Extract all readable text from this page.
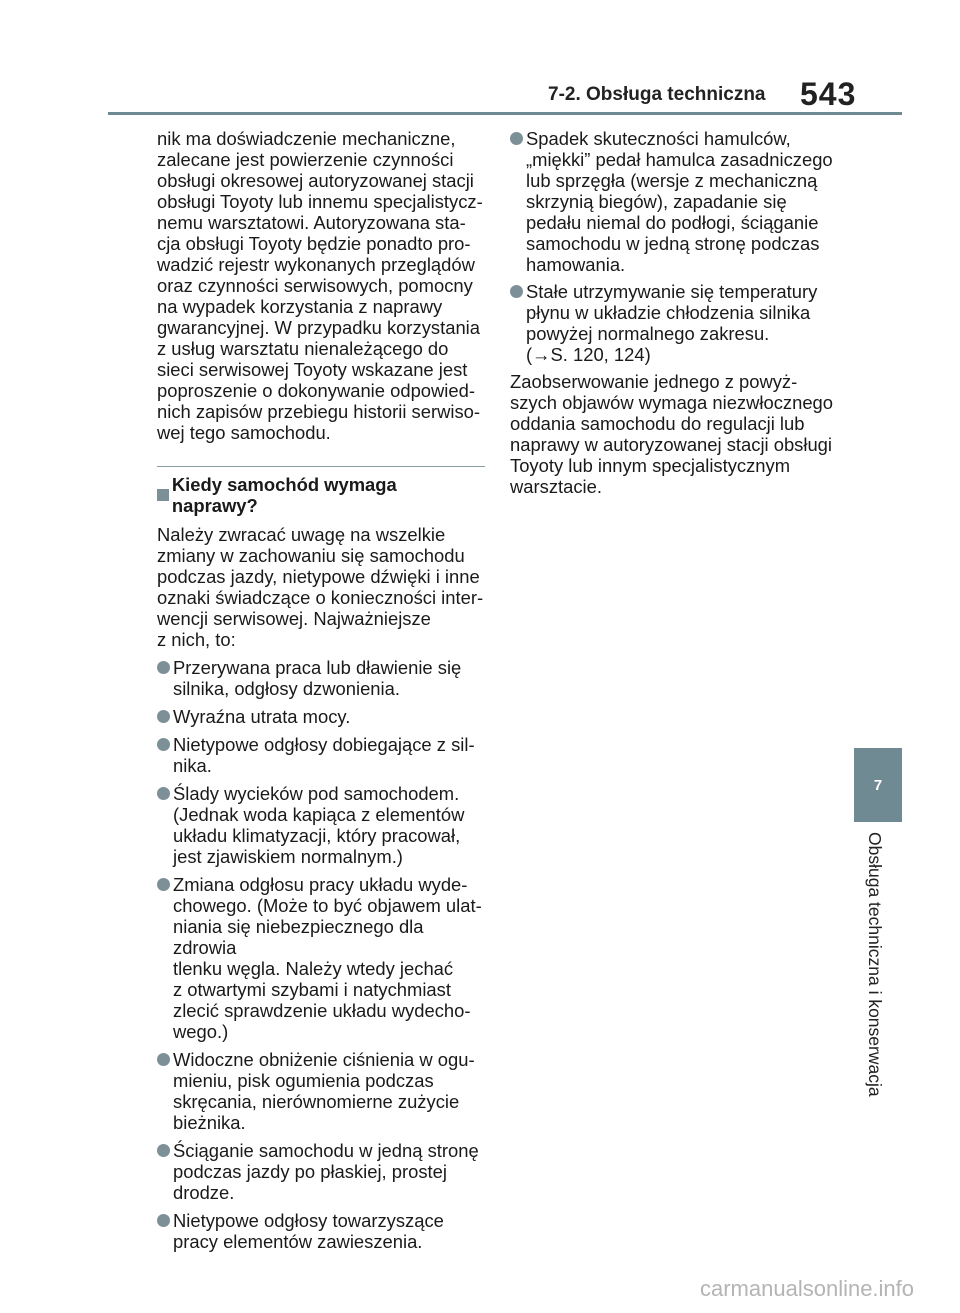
7-2. Obsługa techniczna 543

nik ma doświadczenie mechaniczne,
zalecane jest powierzenie czynności
obsługi okresowej autoryzowanej stacji
obsługi Toyoty lub innemu specjalistycz-
nemu warsztatowi. Autoryzowana sta-
cja obsługi Toyoty będzie ponadto pro-
wadzić rejestr wykonanych przeglądów
oraz czynności serwisowych, pomocny
na wypadek korzystania z naprawy
gwarancyjnej. W przypadku korzystania
z usług warsztatu nienależącego do
sieci serwisowej Toyoty wskazane jest
poproszenie o dokonywanie odpowied-
nich zapisów przebiegu historii serwiso-
wej tego samochodu.

Kiedy samochód wymaga naprawy?

Należy zwracać uwagę na wszelkie
zmiany w zachowaniu się samochodu
podczas jazdy, nietypowe dźwięki i inne
oznaki świadczące o konieczności inter-
wencji serwisowej. Najważniejsze
z nich, to:

Przerywana praca lub dławienie się
silnika, odgłosy dzwonienia.
Wyraźna utrata mocy.
Nietypowe odgłosy dobiegające z sil-
nika.
Ślady wycieków pod samochodem.
(Jednak woda kapiąca z elementów
układu klimatyzacji, który pracował,
jest zjawiskiem normalnym.)
Zmiana odgłosu pracy układu wyde-
chowego. (Może to być objawem ulat-
niania się niebezpiecznego dla zdrowia
tlenku węgla. Należy wtedy jechać
z otwartymi szybami i natychmiast
zlecić sprawdzenie układu wydecho-
wego.)
Widoczne obniżenie ciśnienia w ogu-
mieniu, pisk ogumienia podczas
skręcania, nierównomierne zużycie
bieżnika.
Ściąganie samochodu w jedną stronę
podczas jazdy po płaskiej, prostej
drodze.
Nietypowe odgłosy towarzyszące
pracy elementów zawieszenia.
Spadek skuteczności hamulców,
„miękki” pedał hamulca zasadniczego
lub sprzęgła (wersje z mechaniczną
skrzynią biegów), zapadanie się
pedału niemal do podłogi, ściąganie
samochodu w jedną stronę podczas
hamowania.
Stałe utrzymywanie się temperatury
płynu w układzie chłodzenia silnika
powyżej normalnego zakresu.
(→S. 120, 124)

Zaobserwowanie jednego z powyż-
szych objawów wymaga niezwłocznego
oddania samochodu do regulacji lub
naprawy w autoryzowanej stacji obsługi
Toyoty lub innym specjalistycznym
warsztacie.

7
Obsługa techniczna i konserwacja
carmanualsonline.info
